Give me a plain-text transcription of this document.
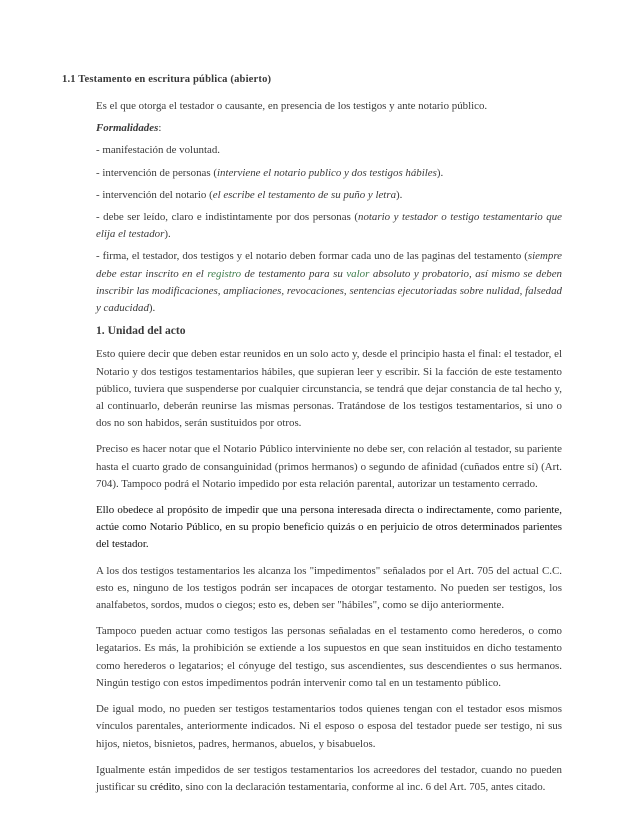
1.1 Testamento en escritura pública (abierto)

Es el que otorga el testador o causante, en presencia de los testigos y ante notario público.

Formalidades:

- manifestación de voluntad.

- intervención de personas (interviene el notario publico y dos testigos hábiles).

- intervención del notario (el escribe el testamento de su puño y letra).

- debe ser leído, claro e indistintamente por dos personas (notario y testador o testigo testamentario que elija el testador).

- firma, el testador, dos testigos y el notario deben formar cada uno de las paginas del testamento (siempre debe estar inscrito en el registro de testamento para su valor absoluto y probatorio, así mismo se deben inscribir las modificaciones, ampliaciones, revocaciones, sentencias ejecutoriadas sobre nulidad, falsedad y caducidad).

1. Unidad del acto

Esto quiere decir que deben estar reunidos en un solo acto y, desde el principio hasta el final: el testador, el Notario y dos testigos testamentarios hábiles, que supieran leer y escribir. Si la facción de este testamento público, tuviera que suspenderse por cualquier circunstancia, se tendrá que dejar constancia de tal hecho y, al continuarlo, deberán reunirse las mismas personas. Tratándose de los testigos testamentarios, si uno o dos no son habidos, serán sustituidos por otros.

Preciso es hacer notar que el Notario Público interviniente no debe ser, con relación al testador, su pariente hasta el cuarto grado de consanguinidad (primos hermanos) o segundo de afinidad (cuñados entre sí) (Art. 704). Tampoco podrá el Notario impedido por esta relación parental, autorizar un testamento cerrado.

Ello obedece al propósito de impedir que una persona interesada directa o indirectamente, como pariente, actúe como Notario Público, en su propio beneficio quizás o en perjuicio de otros determinados parientes del testador.

A los dos testigos testamentarios les alcanza los "impedimentos" señalados por el Art. 705 del actual C.C. esto es, ninguno de los testigos podrán ser incapaces de otorgar testamento. No pueden ser testigos, los analfabetos, sordos, mudos o ciegos; esto es, deben ser "hábiles", como se dijo anteriormente.

Tampoco pueden actuar como testigos las personas señaladas en el testamento como herederos, o como legatarios. Es más, la prohibición se extiende a los supuestos en que sean instituidos en dicho testamento como herederos o legatarios; el cónyuge del testigo, sus ascendientes, sus descendientes o sus hermanos. Ningún testigo con estos impedimentos podrán intervenir como tal en un testamento público.

De igual modo, no pueden ser testigos testamentarios todos quienes tengan con el testador esos mismos vínculos parentales, anteriormente indicados. Ni el esposo o esposa del testador puede ser testigo, ni sus hijos, nietos, bisnietos, padres, hermanos, abuelos, y bisabuelos.

Igualmente están impedidos de ser testigos testamentarios los acreedores del testador, cuando no pueden justificar su crédito, sino con la declaración testamentaria, conforme al inc. 6 del Art. 705, antes citado.
